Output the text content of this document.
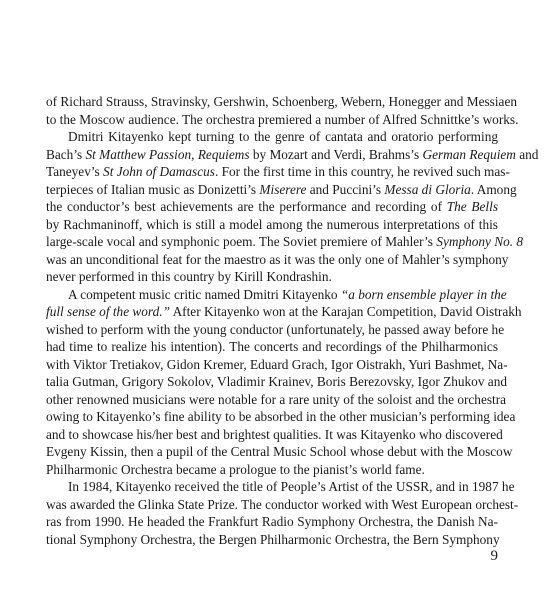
of Richard Strauss, Stravinsky, Gershwin, Schoenberg, Webern, Honegger and Messiaen
to the Moscow audience. The orchestra premiered a number of Alfred Schnittke’s works.
Dmitri Kitayenko kept turning to the genre of cantata and oratorio performing
Bach’s St Matthew Passion, Requiems by Mozart and Verdi, Brahms’s German Requiem and
Taneyev’s St John of Damascus. For the first time in this country, he revived such mas-
terpieces of Italian music as Donizetti’s Miserere and Puccini’s Messa di Gloria. Among
the conductor’s best achievements are the performance and recording of The Bells
by Rachmaninoff, which is still a model among the numerous interpretations of this
large-scale vocal and symphonic poem. The Soviet premiere of Mahler’s Symphony No. 8
was an unconditional feat for the maestro as it was the only one of Mahler’s symphony
never performed in this country by Kirill Kondrashin.
A competent music critic named Dmitri Kitayenko “a born ensemble player in the
full sense of the word.” After Kitayenko won at the Karajan Competition, David Oistrakh
wished to perform with the young conductor (unfortunately, he passed away before he
had time to realize his intention). The concerts and recordings of the Philharmonics
with Viktor Tretiakov, Gidon Kremer, Eduard Grach, Igor Oistrakh, Yuri Bashmet, Na-
talia Gutman, Grigory Sokolov, Vladimir Krainev, Boris Berezovsky, Igor Zhukov and
other renowned musicians were notable for a rare unity of the soloist and the orchestra
owing to Kitayenko’s fine ability to be absorbed in the other musician’s performing idea
and to showcase his/her best and brightest qualities. It was Kitayenko who discovered
Evgeny Kissin, then a pupil of the Central Music School whose debut with the Moscow
Philharmonic Orchestra became a prologue to the pianist’s world fame.
In 1984, Kitayenko received the title of People’s Artist of the USSR, and in 1987 he
was awarded the Glinka State Prize. The conductor worked with West European orchest-
ras from 1990. He headed the Frankfurt Radio Symphony Orchestra, the Danish Na-
tional Symphony Orchestra, the Bergen Philharmonic Orchestra, the Bern Symphony
9
